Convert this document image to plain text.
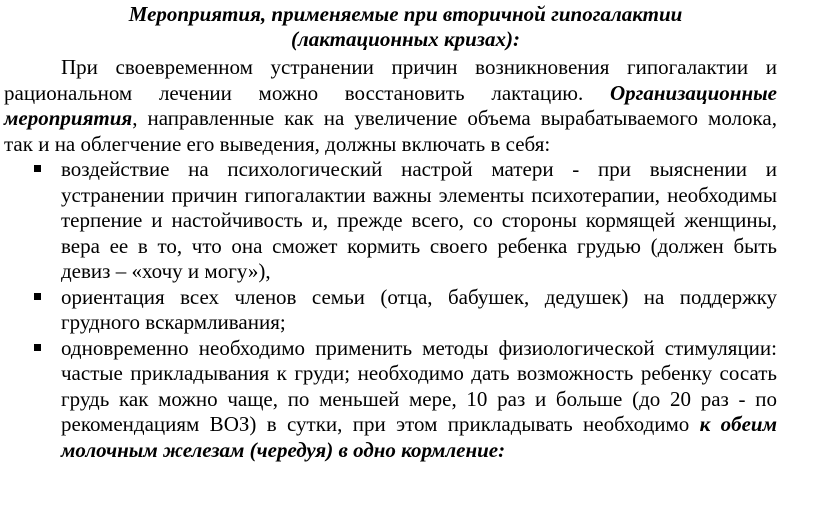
Мероприятия, применяемые при вторичной гипогалактии
(лактационных кризах):

При своевременном устранении причин возникновения гипогалактии и рациональном лечении можно восстановить лактацию. Организационные мероприятия, направленные как на увеличение объема вырабатываемого молока, так и на облегчение его выведения, должны включать в себя:

воздействие на психологический настрой матери - при выяснении и устранении причин гипогалактии важны элементы психотерапии, необходимы терпение и настойчивость и, прежде всего, со стороны кормящей женщины, вера ее в то, что она сможет кормить своего ребенка грудью (должен быть девиз – «хочу и могу»),
ориентация всех членов семьи (отца, бабушек, дедушек) на поддержку грудного вскармливания;
одновременно необходимо применить методы физиологической стимуляции: частые прикладывания к груди; необходимо дать возможность ребенку сосать грудь как можно чаще, по меньшей мере, 10 раз и больше (до 20 раз - по рекомендациям ВОЗ) в сутки, при этом прикладывать необходимо к обеим молочным железам (чередуя) в одно кормление:
